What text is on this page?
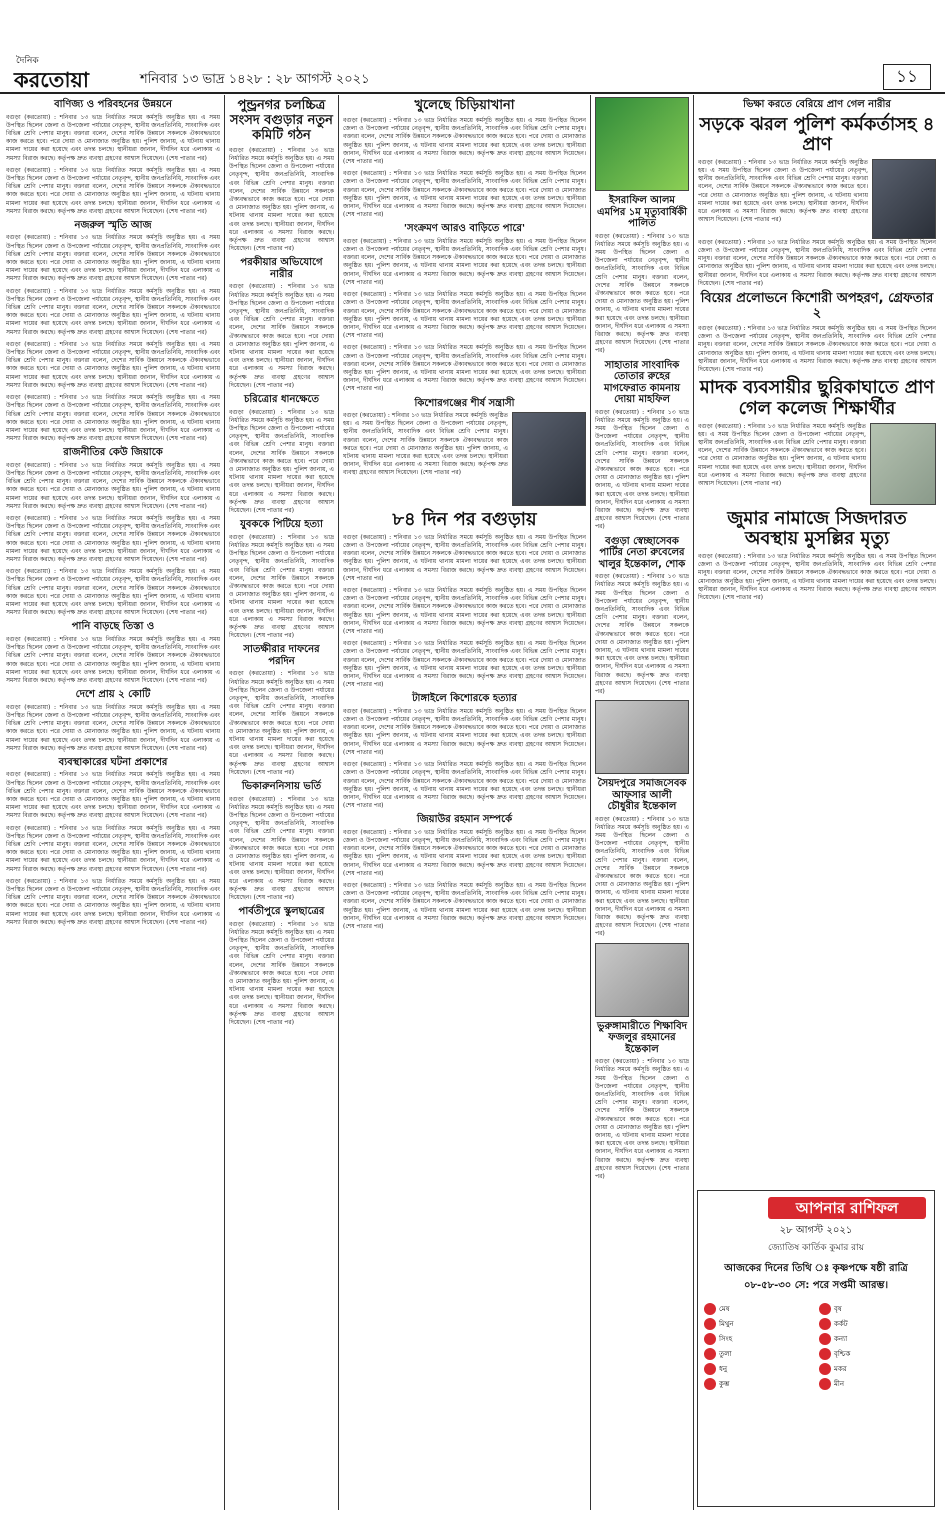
দৈনিক
করতোয়া	শনিবার ১৩ ভাদ্র ১৪২৮ : ২৮ আগস্ট ২০২১	১১
বাণিজ্য ও পরিবহনের উন্নয়নে

বগুড়া (করতোয়া) : শনিবার ১৩ ভাদ্র নির্ধারিত সময়ে কর্মসূচি অনুষ্ঠিত হয়। এ সময় উপস্থিত ছিলেন জেলা ও উপজেলা পর্যায়ের নেতৃবৃন্দ, স্থানীয় জনপ্রতিনিধি, সাংবাদিক এবং বিভিন্ন শ্রেণি পেশার মানুষ। বক্তারা বলেন, দেশের সার্বিক উন্নয়নে সকলকে ঐক্যবদ্ধভাবে কাজ করতে হবে। পরে দোয়া ও মোনাজাত অনুষ্ঠিত হয়। পুলিশ জানায়, এ ঘটনায় থানায় মামলা দায়ের করা হয়েছে এবং তদন্ত চলছে। স্থানীয়রা জানান, দীর্ঘদিন ধরে এলাকায় এ সমস্যা বিরাজ করছে। কর্তৃপক্ষ দ্রুত ব্যবস্থা গ্রহণের আশ্বাস দিয়েছেন। (শেষ পাতার পর)

বগুড়া (করতোয়া) : শনিবার ১৩ ভাদ্র নির্ধারিত সময়ে কর্মসূচি অনুষ্ঠিত হয়। এ সময় উপস্থিত ছিলেন জেলা ও উপজেলা পর্যায়ের নেতৃবৃন্দ, স্থানীয় জনপ্রতিনিধি, সাংবাদিক এবং বিভিন্ন শ্রেণি পেশার মানুষ। বক্তারা বলেন, দেশের সার্বিক উন্নয়নে সকলকে ঐক্যবদ্ধভাবে কাজ করতে হবে। পরে দোয়া ও মোনাজাত অনুষ্ঠিত হয়। পুলিশ জানায়, এ ঘটনায় থানায় মামলা দায়ের করা হয়েছে এবং তদন্ত চলছে। স্থানীয়রা জানান, দীর্ঘদিন ধরে এলাকায় এ সমস্যা বিরাজ করছে। কর্তৃপক্ষ দ্রুত ব্যবস্থা গ্রহণের আশ্বাস দিয়েছেন। (শেষ পাতার পর)

নজরুল স্মৃতি আজ

বগুড়া (করতোয়া) : শনিবার ১৩ ভাদ্র নির্ধারিত সময়ে কর্মসূচি অনুষ্ঠিত হয়। এ সময় উপস্থিত ছিলেন জেলা ও উপজেলা পর্যায়ের নেতৃবৃন্দ, স্থানীয় জনপ্রতিনিধি, সাংবাদিক এবং বিভিন্ন শ্রেণি পেশার মানুষ। বক্তারা বলেন, দেশের সার্বিক উন্নয়নে সকলকে ঐক্যবদ্ধভাবে কাজ করতে হবে। পরে দোয়া ও মোনাজাত অনুষ্ঠিত হয়। পুলিশ জানায়, এ ঘটনায় থানায় মামলা দায়ের করা হয়েছে এবং তদন্ত চলছে। স্থানীয়রা জানান, দীর্ঘদিন ধরে এলাকায় এ সমস্যা বিরাজ করছে। কর্তৃপক্ষ দ্রুত ব্যবস্থা গ্রহণের আশ্বাস দিয়েছেন। (শেষ পাতার পর)

বগুড়া (করতোয়া) : শনিবার ১৩ ভাদ্র নির্ধারিত সময়ে কর্মসূচি অনুষ্ঠিত হয়। এ সময় উপস্থিত ছিলেন জেলা ও উপজেলা পর্যায়ের নেতৃবৃন্দ, স্থানীয় জনপ্রতিনিধি, সাংবাদিক এবং বিভিন্ন শ্রেণি পেশার মানুষ। বক্তারা বলেন, দেশের সার্বিক উন্নয়নে সকলকে ঐক্যবদ্ধভাবে কাজ করতে হবে। পরে দোয়া ও মোনাজাত অনুষ্ঠিত হয়। পুলিশ জানায়, এ ঘটনায় থানায় মামলা দায়ের করা হয়েছে এবং তদন্ত চলছে। স্থানীয়রা জানান, দীর্ঘদিন ধরে এলাকায় এ সমস্যা বিরাজ করছে। কর্তৃপক্ষ দ্রুত ব্যবস্থা গ্রহণের আশ্বাস দিয়েছেন। (শেষ পাতার পর)

বগুড়া (করতোয়া) : শনিবার ১৩ ভাদ্র নির্ধারিত সময়ে কর্মসূচি অনুষ্ঠিত হয়। এ সময় উপস্থিত ছিলেন জেলা ও উপজেলা পর্যায়ের নেতৃবৃন্দ, স্থানীয় জনপ্রতিনিধি, সাংবাদিক এবং বিভিন্ন শ্রেণি পেশার মানুষ। বক্তারা বলেন, দেশের সার্বিক উন্নয়নে সকলকে ঐক্যবদ্ধভাবে কাজ করতে হবে। পরে দোয়া ও মোনাজাত অনুষ্ঠিত হয়। পুলিশ জানায়, এ ঘটনায় থানায় মামলা দায়ের করা হয়েছে এবং তদন্ত চলছে। স্থানীয়রা জানান, দীর্ঘদিন ধরে এলাকায় এ সমস্যা বিরাজ করছে। কর্তৃপক্ষ দ্রুত ব্যবস্থা গ্রহণের আশ্বাস দিয়েছেন। (শেষ পাতার পর)

বগুড়া (করতোয়া) : শনিবার ১৩ ভাদ্র নির্ধারিত সময়ে কর্মসূচি অনুষ্ঠিত হয়। এ সময় উপস্থিত ছিলেন জেলা ও উপজেলা পর্যায়ের নেতৃবৃন্দ, স্থানীয় জনপ্রতিনিধি, সাংবাদিক এবং বিভিন্ন শ্রেণি পেশার মানুষ। বক্তারা বলেন, দেশের সার্বিক উন্নয়নে সকলকে ঐক্যবদ্ধভাবে কাজ করতে হবে। পরে দোয়া ও মোনাজাত অনুষ্ঠিত হয়। পুলিশ জানায়, এ ঘটনায় থানায় মামলা দায়ের করা হয়েছে এবং তদন্ত চলছে। স্থানীয়রা জানান, দীর্ঘদিন ধরে এলাকায় এ সমস্যা বিরাজ করছে। কর্তৃপক্ষ দ্রুত ব্যবস্থা গ্রহণের আশ্বাস দিয়েছেন। (শেষ পাতার পর)

রাজনীতির কেউ জিয়াকে

বগুড়া (করতোয়া) : শনিবার ১৩ ভাদ্র নির্ধারিত সময়ে কর্মসূচি অনুষ্ঠিত হয়। এ সময় উপস্থিত ছিলেন জেলা ও উপজেলা পর্যায়ের নেতৃবৃন্দ, স্থানীয় জনপ্রতিনিধি, সাংবাদিক এবং বিভিন্ন শ্রেণি পেশার মানুষ। বক্তারা বলেন, দেশের সার্বিক উন্নয়নে সকলকে ঐক্যবদ্ধভাবে কাজ করতে হবে। পরে দোয়া ও মোনাজাত অনুষ্ঠিত হয়। পুলিশ জানায়, এ ঘটনায় থানায় মামলা দায়ের করা হয়েছে এবং তদন্ত চলছে। স্থানীয়রা জানান, দীর্ঘদিন ধরে এলাকায় এ সমস্যা বিরাজ করছে। কর্তৃপক্ষ দ্রুত ব্যবস্থা গ্রহণের আশ্বাস দিয়েছেন। (শেষ পাতার পর)

বগুড়া (করতোয়া) : শনিবার ১৩ ভাদ্র নির্ধারিত সময়ে কর্মসূচি অনুষ্ঠিত হয়। এ সময় উপস্থিত ছিলেন জেলা ও উপজেলা পর্যায়ের নেতৃবৃন্দ, স্থানীয় জনপ্রতিনিধি, সাংবাদিক এবং বিভিন্ন শ্রেণি পেশার মানুষ। বক্তারা বলেন, দেশের সার্বিক উন্নয়নে সকলকে ঐক্যবদ্ধভাবে কাজ করতে হবে। পরে দোয়া ও মোনাজাত অনুষ্ঠিত হয়। পুলিশ জানায়, এ ঘটনায় থানায় মামলা দায়ের করা হয়েছে এবং তদন্ত চলছে। স্থানীয়রা জানান, দীর্ঘদিন ধরে এলাকায় এ সমস্যা বিরাজ করছে। কর্তৃপক্ষ দ্রুত ব্যবস্থা গ্রহণের আশ্বাস দিয়েছেন। (শেষ পাতার পর)

বগুড়া (করতোয়া) : শনিবার ১৩ ভাদ্র নির্ধারিত সময়ে কর্মসূচি অনুষ্ঠিত হয়। এ সময় উপস্থিত ছিলেন জেলা ও উপজেলা পর্যায়ের নেতৃবৃন্দ, স্থানীয় জনপ্রতিনিধি, সাংবাদিক এবং বিভিন্ন শ্রেণি পেশার মানুষ। বক্তারা বলেন, দেশের সার্বিক উন্নয়নে সকলকে ঐক্যবদ্ধভাবে কাজ করতে হবে। পরে দোয়া ও মোনাজাত অনুষ্ঠিত হয়। পুলিশ জানায়, এ ঘটনায় থানায় মামলা দায়ের করা হয়েছে এবং তদন্ত চলছে। স্থানীয়রা জানান, দীর্ঘদিন ধরে এলাকায় এ সমস্যা বিরাজ করছে। কর্তৃপক্ষ দ্রুত ব্যবস্থা গ্রহণের আশ্বাস দিয়েছেন। (শেষ পাতার পর)

পানি বাড়ছে তিস্তা ও

বগুড়া (করতোয়া) : শনিবার ১৩ ভাদ্র নির্ধারিত সময়ে কর্মসূচি অনুষ্ঠিত হয়। এ সময় উপস্থিত ছিলেন জেলা ও উপজেলা পর্যায়ের নেতৃবৃন্দ, স্থানীয় জনপ্রতিনিধি, সাংবাদিক এবং বিভিন্ন শ্রেণি পেশার মানুষ। বক্তারা বলেন, দেশের সার্বিক উন্নয়নে সকলকে ঐক্যবদ্ধভাবে কাজ করতে হবে। পরে দোয়া ও মোনাজাত অনুষ্ঠিত হয়। পুলিশ জানায়, এ ঘটনায় থানায় মামলা দায়ের করা হয়েছে এবং তদন্ত চলছে। স্থানীয়রা জানান, দীর্ঘদিন ধরে এলাকায় এ সমস্যা বিরাজ করছে। কর্তৃপক্ষ দ্রুত ব্যবস্থা গ্রহণের আশ্বাস দিয়েছেন। (শেষ পাতার পর)

দেশে প্রায় ২ কোটি

বগুড়া (করতোয়া) : শনিবার ১৩ ভাদ্র নির্ধারিত সময়ে কর্মসূচি অনুষ্ঠিত হয়। এ সময় উপস্থিত ছিলেন জেলা ও উপজেলা পর্যায়ের নেতৃবৃন্দ, স্থানীয় জনপ্রতিনিধি, সাংবাদিক এবং বিভিন্ন শ্রেণি পেশার মানুষ। বক্তারা বলেন, দেশের সার্বিক উন্নয়নে সকলকে ঐক্যবদ্ধভাবে কাজ করতে হবে। পরে দোয়া ও মোনাজাত অনুষ্ঠিত হয়। পুলিশ জানায়, এ ঘটনায় থানায় মামলা দায়ের করা হয়েছে এবং তদন্ত চলছে। স্থানীয়রা জানান, দীর্ঘদিন ধরে এলাকায় এ সমস্যা বিরাজ করছে। কর্তৃপক্ষ দ্রুত ব্যবস্থা গ্রহণের আশ্বাস দিয়েছেন। (শেষ পাতার পর)

ব্যবস্থাকারের ঘটনা প্রকাশের

বগুড়া (করতোয়া) : শনিবার ১৩ ভাদ্র নির্ধারিত সময়ে কর্মসূচি অনুষ্ঠিত হয়। এ সময় উপস্থিত ছিলেন জেলা ও উপজেলা পর্যায়ের নেতৃবৃন্দ, স্থানীয় জনপ্রতিনিধি, সাংবাদিক এবং বিভিন্ন শ্রেণি পেশার মানুষ। বক্তারা বলেন, দেশের সার্বিক উন্নয়নে সকলকে ঐক্যবদ্ধভাবে কাজ করতে হবে। পরে দোয়া ও মোনাজাত অনুষ্ঠিত হয়। পুলিশ জানায়, এ ঘটনায় থানায় মামলা দায়ের করা হয়েছে এবং তদন্ত চলছে। স্থানীয়রা জানান, দীর্ঘদিন ধরে এলাকায় এ সমস্যা বিরাজ করছে। কর্তৃপক্ষ দ্রুত ব্যবস্থা গ্রহণের আশ্বাস দিয়েছেন। (শেষ পাতার পর)

বগুড়া (করতোয়া) : শনিবার ১৩ ভাদ্র নির্ধারিত সময়ে কর্মসূচি অনুষ্ঠিত হয়। এ সময় উপস্থিত ছিলেন জেলা ও উপজেলা পর্যায়ের নেতৃবৃন্দ, স্থানীয় জনপ্রতিনিধি, সাংবাদিক এবং বিভিন্ন শ্রেণি পেশার মানুষ। বক্তারা বলেন, দেশের সার্বিক উন্নয়নে সকলকে ঐক্যবদ্ধভাবে কাজ করতে হবে। পরে দোয়া ও মোনাজাত অনুষ্ঠিত হয়। পুলিশ জানায়, এ ঘটনায় থানায় মামলা দায়ের করা হয়েছে এবং তদন্ত চলছে। স্থানীয়রা জানান, দীর্ঘদিন ধরে এলাকায় এ সমস্যা বিরাজ করছে। কর্তৃপক্ষ দ্রুত ব্যবস্থা গ্রহণের আশ্বাস দিয়েছেন। (শেষ পাতার পর)

বগুড়া (করতোয়া) : শনিবার ১৩ ভাদ্র নির্ধারিত সময়ে কর্মসূচি অনুষ্ঠিত হয়। এ সময় উপস্থিত ছিলেন জেলা ও উপজেলা পর্যায়ের নেতৃবৃন্দ, স্থানীয় জনপ্রতিনিধি, সাংবাদিক এবং বিভিন্ন শ্রেণি পেশার মানুষ। বক্তারা বলেন, দেশের সার্বিক উন্নয়নে সকলকে ঐক্যবদ্ধভাবে কাজ করতে হবে। পরে দোয়া ও মোনাজাত অনুষ্ঠিত হয়। পুলিশ জানায়, এ ঘটনায় থানায় মামলা দায়ের করা হয়েছে এবং তদন্ত চলছে। স্থানীয়রা জানান, দীর্ঘদিন ধরে এলাকায় এ সমস্যা বিরাজ করছে। কর্তৃপক্ষ দ্রুত ব্যবস্থা গ্রহণের আশ্বাস দিয়েছেন। (শেষ পাতার পর)

পুন্ড্রনগর চলচ্চিত্র সংসদ বগুড়ার নতুন কমিটি গঠন

বগুড়া (করতোয়া) : শনিবার ১৩ ভাদ্র নির্ধারিত সময়ে কর্মসূচি অনুষ্ঠিত হয়। এ সময় উপস্থিত ছিলেন জেলা ও উপজেলা পর্যায়ের নেতৃবৃন্দ, স্থানীয় জনপ্রতিনিধি, সাংবাদিক এবং বিভিন্ন শ্রেণি পেশার মানুষ। বক্তারা বলেন, দেশের সার্বিক উন্নয়নে সকলকে ঐক্যবদ্ধভাবে কাজ করতে হবে। পরে দোয়া ও মোনাজাত অনুষ্ঠিত হয়। পুলিশ জানায়, এ ঘটনায় থানায় মামলা দায়ের করা হয়েছে এবং তদন্ত চলছে। স্থানীয়রা জানান, দীর্ঘদিন ধরে এলাকায় এ সমস্যা বিরাজ করছে। কর্তৃপক্ষ দ্রুত ব্যবস্থা গ্রহণের আশ্বাস দিয়েছেন। (শেষ পাতার পর)

পরকীয়ার অভিযোগে নারীর

বগুড়া (করতোয়া) : শনিবার ১৩ ভাদ্র নির্ধারিত সময়ে কর্মসূচি অনুষ্ঠিত হয়। এ সময় উপস্থিত ছিলেন জেলা ও উপজেলা পর্যায়ের নেতৃবৃন্দ, স্থানীয় জনপ্রতিনিধি, সাংবাদিক এবং বিভিন্ন শ্রেণি পেশার মানুষ। বক্তারা বলেন, দেশের সার্বিক উন্নয়নে সকলকে ঐক্যবদ্ধভাবে কাজ করতে হবে। পরে দোয়া ও মোনাজাত অনুষ্ঠিত হয়। পুলিশ জানায়, এ ঘটনায় থানায় মামলা দায়ের করা হয়েছে এবং তদন্ত চলছে। স্থানীয়রা জানান, দীর্ঘদিন ধরে এলাকায় এ সমস্যা বিরাজ করছে। কর্তৃপক্ষ দ্রুত ব্যবস্থা গ্রহণের আশ্বাস দিয়েছেন। (শেষ পাতার পর)

চরিত্রাের ধানক্ষেতে

বগুড়া (করতোয়া) : শনিবার ১৩ ভাদ্র নির্ধারিত সময়ে কর্মসূচি অনুষ্ঠিত হয়। এ সময় উপস্থিত ছিলেন জেলা ও উপজেলা পর্যায়ের নেতৃবৃন্দ, স্থানীয় জনপ্রতিনিধি, সাংবাদিক এবং বিভিন্ন শ্রেণি পেশার মানুষ। বক্তারা বলেন, দেশের সার্বিক উন্নয়নে সকলকে ঐক্যবদ্ধভাবে কাজ করতে হবে। পরে দোয়া ও মোনাজাত অনুষ্ঠিত হয়। পুলিশ জানায়, এ ঘটনায় থানায় মামলা দায়ের করা হয়েছে এবং তদন্ত চলছে। স্থানীয়রা জানান, দীর্ঘদিন ধরে এলাকায় এ সমস্যা বিরাজ করছে। কর্তৃপক্ষ দ্রুত ব্যবস্থা গ্রহণের আশ্বাস দিয়েছেন। (শেষ পাতার পর)

যুবককে পিটিয়ে হত্যা

বগুড়া (করতোয়া) : শনিবার ১৩ ভাদ্র নির্ধারিত সময়ে কর্মসূচি অনুষ্ঠিত হয়। এ সময় উপস্থিত ছিলেন জেলা ও উপজেলা পর্যায়ের নেতৃবৃন্দ, স্থানীয় জনপ্রতিনিধি, সাংবাদিক এবং বিভিন্ন শ্রেণি পেশার মানুষ। বক্তারা বলেন, দেশের সার্বিক উন্নয়নে সকলকে ঐক্যবদ্ধভাবে কাজ করতে হবে। পরে দোয়া ও মোনাজাত অনুষ্ঠিত হয়। পুলিশ জানায়, এ ঘটনায় থানায় মামলা দায়ের করা হয়েছে এবং তদন্ত চলছে। স্থানীয়রা জানান, দীর্ঘদিন ধরে এলাকায় এ সমস্যা বিরাজ করছে। কর্তৃপক্ষ দ্রুত ব্যবস্থা গ্রহণের আশ্বাস দিয়েছেন। (শেষ পাতার পর)

সাতক্ষীরার দাফনের পরদিন

বগুড়া (করতোয়া) : শনিবার ১৩ ভাদ্র নির্ধারিত সময়ে কর্মসূচি অনুষ্ঠিত হয়। এ সময় উপস্থিত ছিলেন জেলা ও উপজেলা পর্যায়ের নেতৃবৃন্দ, স্থানীয় জনপ্রতিনিধি, সাংবাদিক এবং বিভিন্ন শ্রেণি পেশার মানুষ। বক্তারা বলেন, দেশের সার্বিক উন্নয়নে সকলকে ঐক্যবদ্ধভাবে কাজ করতে হবে। পরে দোয়া ও মোনাজাত অনুষ্ঠিত হয়। পুলিশ জানায়, এ ঘটনায় থানায় মামলা দায়ের করা হয়েছে এবং তদন্ত চলছে। স্থানীয়রা জানান, দীর্ঘদিন ধরে এলাকায় এ সমস্যা বিরাজ করছে। কর্তৃপক্ষ দ্রুত ব্যবস্থা গ্রহণের আশ্বাস দিয়েছেন। (শেষ পাতার পর)

ভিকারুননিসায় ভর্তি

বগুড়া (করতোয়া) : শনিবার ১৩ ভাদ্র নির্ধারিত সময়ে কর্মসূচি অনুষ্ঠিত হয়। এ সময় উপস্থিত ছিলেন জেলা ও উপজেলা পর্যায়ের নেতৃবৃন্দ, স্থানীয় জনপ্রতিনিধি, সাংবাদিক এবং বিভিন্ন শ্রেণি পেশার মানুষ। বক্তারা বলেন, দেশের সার্বিক উন্নয়নে সকলকে ঐক্যবদ্ধভাবে কাজ করতে হবে। পরে দোয়া ও মোনাজাত অনুষ্ঠিত হয়। পুলিশ জানায়, এ ঘটনায় থানায় মামলা দায়ের করা হয়েছে এবং তদন্ত চলছে। স্থানীয়রা জানান, দীর্ঘদিন ধরে এলাকায় এ সমস্যা বিরাজ করছে। কর্তৃপক্ষ দ্রুত ব্যবস্থা গ্রহণের আশ্বাস দিয়েছেন। (শেষ পাতার পর)

পার্বতীপুরে স্কুলছাত্রের

বগুড়া (করতোয়া) : শনিবার ১৩ ভাদ্র নির্ধারিত সময়ে কর্মসূচি অনুষ্ঠিত হয়। এ সময় উপস্থিত ছিলেন জেলা ও উপজেলা পর্যায়ের নেতৃবৃন্দ, স্থানীয় জনপ্রতিনিধি, সাংবাদিক এবং বিভিন্ন শ্রেণি পেশার মানুষ। বক্তারা বলেন, দেশের সার্বিক উন্নয়নে সকলকে ঐক্যবদ্ধভাবে কাজ করতে হবে। পরে দোয়া ও মোনাজাত অনুষ্ঠিত হয়। পুলিশ জানায়, এ ঘটনায় থানায় মামলা দায়ের করা হয়েছে এবং তদন্ত চলছে। স্থানীয়রা জানান, দীর্ঘদিন ধরে এলাকায় এ সমস্যা বিরাজ করছে। কর্তৃপক্ষ দ্রুত ব্যবস্থা গ্রহণের আশ্বাস দিয়েছেন। (শেষ পাতার পর)

খুলেছে চিড়িয়াখানা

বগুড়া (করতোয়া) : শনিবার ১৩ ভাদ্র নির্ধারিত সময়ে কর্মসূচি অনুষ্ঠিত হয়। এ সময় উপস্থিত ছিলেন জেলা ও উপজেলা পর্যায়ের নেতৃবৃন্দ, স্থানীয় জনপ্রতিনিধি, সাংবাদিক এবং বিভিন্ন শ্রেণি পেশার মানুষ। বক্তারা বলেন, দেশের সার্বিক উন্নয়নে সকলকে ঐক্যবদ্ধভাবে কাজ করতে হবে। পরে দোয়া ও মোনাজাত অনুষ্ঠিত হয়। পুলিশ জানায়, এ ঘটনায় থানায় মামলা দায়ের করা হয়েছে এবং তদন্ত চলছে। স্থানীয়রা জানান, দীর্ঘদিন ধরে এলাকায় এ সমস্যা বিরাজ করছে। কর্তৃপক্ষ দ্রুত ব্যবস্থা গ্রহণের আশ্বাস দিয়েছেন। (শেষ পাতার পর)

বগুড়া (করতোয়া) : শনিবার ১৩ ভাদ্র নির্ধারিত সময়ে কর্মসূচি অনুষ্ঠিত হয়। এ সময় উপস্থিত ছিলেন জেলা ও উপজেলা পর্যায়ের নেতৃবৃন্দ, স্থানীয় জনপ্রতিনিধি, সাংবাদিক এবং বিভিন্ন শ্রেণি পেশার মানুষ। বক্তারা বলেন, দেশের সার্বিক উন্নয়নে সকলকে ঐক্যবদ্ধভাবে কাজ করতে হবে। পরে দোয়া ও মোনাজাত অনুষ্ঠিত হয়। পুলিশ জানায়, এ ঘটনায় থানায় মামলা দায়ের করা হয়েছে এবং তদন্ত চলছে। স্থানীয়রা জানান, দীর্ঘদিন ধরে এলাকায় এ সমস্যা বিরাজ করছে। কর্তৃপক্ষ দ্রুত ব্যবস্থা গ্রহণের আশ্বাস দিয়েছেন। (শেষ পাতার পর)

'সংক্রমণ আরও বাড়িতে পারে'

বগুড়া (করতোয়া) : শনিবার ১৩ ভাদ্র নির্ধারিত সময়ে কর্মসূচি অনুষ্ঠিত হয়। এ সময় উপস্থিত ছিলেন জেলা ও উপজেলা পর্যায়ের নেতৃবৃন্দ, স্থানীয় জনপ্রতিনিধি, সাংবাদিক এবং বিভিন্ন শ্রেণি পেশার মানুষ। বক্তারা বলেন, দেশের সার্বিক উন্নয়নে সকলকে ঐক্যবদ্ধভাবে কাজ করতে হবে। পরে দোয়া ও মোনাজাত অনুষ্ঠিত হয়। পুলিশ জানায়, এ ঘটনায় থানায় মামলা দায়ের করা হয়েছে এবং তদন্ত চলছে। স্থানীয়রা জানান, দীর্ঘদিন ধরে এলাকায় এ সমস্যা বিরাজ করছে। কর্তৃপক্ষ দ্রুত ব্যবস্থা গ্রহণের আশ্বাস দিয়েছেন। (শেষ পাতার পর)

বগুড়া (করতোয়া) : শনিবার ১৩ ভাদ্র নির্ধারিত সময়ে কর্মসূচি অনুষ্ঠিত হয়। এ সময় উপস্থিত ছিলেন জেলা ও উপজেলা পর্যায়ের নেতৃবৃন্দ, স্থানীয় জনপ্রতিনিধি, সাংবাদিক এবং বিভিন্ন শ্রেণি পেশার মানুষ। বক্তারা বলেন, দেশের সার্বিক উন্নয়নে সকলকে ঐক্যবদ্ধভাবে কাজ করতে হবে। পরে দোয়া ও মোনাজাত অনুষ্ঠিত হয়। পুলিশ জানায়, এ ঘটনায় থানায় মামলা দায়ের করা হয়েছে এবং তদন্ত চলছে। স্থানীয়রা জানান, দীর্ঘদিন ধরে এলাকায় এ সমস্যা বিরাজ করছে। কর্তৃপক্ষ দ্রুত ব্যবস্থা গ্রহণের আশ্বাস দিয়েছেন। (শেষ পাতার পর)

বগুড়া (করতোয়া) : শনিবার ১৩ ভাদ্র নির্ধারিত সময়ে কর্মসূচি অনুষ্ঠিত হয়। এ সময় উপস্থিত ছিলেন জেলা ও উপজেলা পর্যায়ের নেতৃবৃন্দ, স্থানীয় জনপ্রতিনিধি, সাংবাদিক এবং বিভিন্ন শ্রেণি পেশার মানুষ। বক্তারা বলেন, দেশের সার্বিক উন্নয়নে সকলকে ঐক্যবদ্ধভাবে কাজ করতে হবে। পরে দোয়া ও মোনাজাত অনুষ্ঠিত হয়। পুলিশ জানায়, এ ঘটনায় থানায় মামলা দায়ের করা হয়েছে এবং তদন্ত চলছে। স্থানীয়রা জানান, দীর্ঘদিন ধরে এলাকায় এ সমস্যা বিরাজ করছে। কর্তৃপক্ষ দ্রুত ব্যবস্থা গ্রহণের আশ্বাস দিয়েছেন। (শেষ পাতার পর)

কিশোরগঞ্জের শীর্ষ সন্ত্রাসী

বগুড়া (করতোয়া) : শনিবার ১৩ ভাদ্র নির্ধারিত সময়ে কর্মসূচি অনুষ্ঠিত হয়। এ সময় উপস্থিত ছিলেন জেলা ও উপজেলা পর্যায়ের নেতৃবৃন্দ, স্থানীয় জনপ্রতিনিধি, সাংবাদিক এবং বিভিন্ন শ্রেণি পেশার মানুষ। বক্তারা বলেন, দেশের সার্বিক উন্নয়নে সকলকে ঐক্যবদ্ধভাবে কাজ করতে হবে। পরে দোয়া ও মোনাজাত অনুষ্ঠিত হয়। পুলিশ জানায়, এ ঘটনায় থানায় মামলা দায়ের করা হয়েছে এবং তদন্ত চলছে। স্থানীয়রা জানান, দীর্ঘদিন ধরে এলাকায় এ সমস্যা বিরাজ করছে। কর্তৃপক্ষ দ্রুত ব্যবস্থা গ্রহণের আশ্বাস দিয়েছেন। (শেষ পাতার পর)

৮৪ দিন পর বগুড়ায়

বগুড়া (করতোয়া) : শনিবার ১৩ ভাদ্র নির্ধারিত সময়ে কর্মসূচি অনুষ্ঠিত হয়। এ সময় উপস্থিত ছিলেন জেলা ও উপজেলা পর্যায়ের নেতৃবৃন্দ, স্থানীয় জনপ্রতিনিধি, সাংবাদিক এবং বিভিন্ন শ্রেণি পেশার মানুষ। বক্তারা বলেন, দেশের সার্বিক উন্নয়নে সকলকে ঐক্যবদ্ধভাবে কাজ করতে হবে। পরে দোয়া ও মোনাজাত অনুষ্ঠিত হয়। পুলিশ জানায়, এ ঘটনায় থানায় মামলা দায়ের করা হয়েছে এবং তদন্ত চলছে। স্থানীয়রা জানান, দীর্ঘদিন ধরে এলাকায় এ সমস্যা বিরাজ করছে। কর্তৃপক্ষ দ্রুত ব্যবস্থা গ্রহণের আশ্বাস দিয়েছেন। (শেষ পাতার পর)

বগুড়া (করতোয়া) : শনিবার ১৩ ভাদ্র নির্ধারিত সময়ে কর্মসূচি অনুষ্ঠিত হয়। এ সময় উপস্থিত ছিলেন জেলা ও উপজেলা পর্যায়ের নেতৃবৃন্দ, স্থানীয় জনপ্রতিনিধি, সাংবাদিক এবং বিভিন্ন শ্রেণি পেশার মানুষ। বক্তারা বলেন, দেশের সার্বিক উন্নয়নে সকলকে ঐক্যবদ্ধভাবে কাজ করতে হবে। পরে দোয়া ও মোনাজাত অনুষ্ঠিত হয়। পুলিশ জানায়, এ ঘটনায় থানায় মামলা দায়ের করা হয়েছে এবং তদন্ত চলছে। স্থানীয়রা জানান, দীর্ঘদিন ধরে এলাকায় এ সমস্যা বিরাজ করছে। কর্তৃপক্ষ দ্রুত ব্যবস্থা গ্রহণের আশ্বাস দিয়েছেন। (শেষ পাতার পর)

বগুড়া (করতোয়া) : শনিবার ১৩ ভাদ্র নির্ধারিত সময়ে কর্মসূচি অনুষ্ঠিত হয়। এ সময় উপস্থিত ছিলেন জেলা ও উপজেলা পর্যায়ের নেতৃবৃন্দ, স্থানীয় জনপ্রতিনিধি, সাংবাদিক এবং বিভিন্ন শ্রেণি পেশার মানুষ। বক্তারা বলেন, দেশের সার্বিক উন্নয়নে সকলকে ঐক্যবদ্ধভাবে কাজ করতে হবে। পরে দোয়া ও মোনাজাত অনুষ্ঠিত হয়। পুলিশ জানায়, এ ঘটনায় থানায় মামলা দায়ের করা হয়েছে এবং তদন্ত চলছে। স্থানীয়রা জানান, দীর্ঘদিন ধরে এলাকায় এ সমস্যা বিরাজ করছে। কর্তৃপক্ষ দ্রুত ব্যবস্থা গ্রহণের আশ্বাস দিয়েছেন। (শেষ পাতার পর)

টাঙ্গাইলে কিশোরকে হত্যার

বগুড়া (করতোয়া) : শনিবার ১৩ ভাদ্র নির্ধারিত সময়ে কর্মসূচি অনুষ্ঠিত হয়। এ সময় উপস্থিত ছিলেন জেলা ও উপজেলা পর্যায়ের নেতৃবৃন্দ, স্থানীয় জনপ্রতিনিধি, সাংবাদিক এবং বিভিন্ন শ্রেণি পেশার মানুষ। বক্তারা বলেন, দেশের সার্বিক উন্নয়নে সকলকে ঐক্যবদ্ধভাবে কাজ করতে হবে। পরে দোয়া ও মোনাজাত অনুষ্ঠিত হয়। পুলিশ জানায়, এ ঘটনায় থানায় মামলা দায়ের করা হয়েছে এবং তদন্ত চলছে। স্থানীয়রা জানান, দীর্ঘদিন ধরে এলাকায় এ সমস্যা বিরাজ করছে। কর্তৃপক্ষ দ্রুত ব্যবস্থা গ্রহণের আশ্বাস দিয়েছেন। (শেষ পাতার পর)

বগুড়া (করতোয়া) : শনিবার ১৩ ভাদ্র নির্ধারিত সময়ে কর্মসূচি অনুষ্ঠিত হয়। এ সময় উপস্থিত ছিলেন জেলা ও উপজেলা পর্যায়ের নেতৃবৃন্দ, স্থানীয় জনপ্রতিনিধি, সাংবাদিক এবং বিভিন্ন শ্রেণি পেশার মানুষ। বক্তারা বলেন, দেশের সার্বিক উন্নয়নে সকলকে ঐক্যবদ্ধভাবে কাজ করতে হবে। পরে দোয়া ও মোনাজাত অনুষ্ঠিত হয়। পুলিশ জানায়, এ ঘটনায় থানায় মামলা দায়ের করা হয়েছে এবং তদন্ত চলছে। স্থানীয়রা জানান, দীর্ঘদিন ধরে এলাকায় এ সমস্যা বিরাজ করছে। কর্তৃপক্ষ দ্রুত ব্যবস্থা গ্রহণের আশ্বাস দিয়েছেন। (শেষ পাতার পর)

জিয়াউর রহমান সম্পর্কে

বগুড়া (করতোয়া) : শনিবার ১৩ ভাদ্র নির্ধারিত সময়ে কর্মসূচি অনুষ্ঠিত হয়। এ সময় উপস্থিত ছিলেন জেলা ও উপজেলা পর্যায়ের নেতৃবৃন্দ, স্থানীয় জনপ্রতিনিধি, সাংবাদিক এবং বিভিন্ন শ্রেণি পেশার মানুষ। বক্তারা বলেন, দেশের সার্বিক উন্নয়নে সকলকে ঐক্যবদ্ধভাবে কাজ করতে হবে। পরে দোয়া ও মোনাজাত অনুষ্ঠিত হয়। পুলিশ জানায়, এ ঘটনায় থানায় মামলা দায়ের করা হয়েছে এবং তদন্ত চলছে। স্থানীয়রা জানান, দীর্ঘদিন ধরে এলাকায় এ সমস্যা বিরাজ করছে। কর্তৃপক্ষ দ্রুত ব্যবস্থা গ্রহণের আশ্বাস দিয়েছেন। (শেষ পাতার পর)

বগুড়া (করতোয়া) : শনিবার ১৩ ভাদ্র নির্ধারিত সময়ে কর্মসূচি অনুষ্ঠিত হয়। এ সময় উপস্থিত ছিলেন জেলা ও উপজেলা পর্যায়ের নেতৃবৃন্দ, স্থানীয় জনপ্রতিনিধি, সাংবাদিক এবং বিভিন্ন শ্রেণি পেশার মানুষ। বক্তারা বলেন, দেশের সার্বিক উন্নয়নে সকলকে ঐক্যবদ্ধভাবে কাজ করতে হবে। পরে দোয়া ও মোনাজাত অনুষ্ঠিত হয়। পুলিশ জানায়, এ ঘটনায় থানায় মামলা দায়ের করা হয়েছে এবং তদন্ত চলছে। স্থানীয়রা জানান, দীর্ঘদিন ধরে এলাকায় এ সমস্যা বিরাজ করছে। কর্তৃপক্ষ দ্রুত ব্যবস্থা গ্রহণের আশ্বাস দিয়েছেন। (শেষ পাতার পর)

ইসরাফিল আলম এমপির ১ম মৃত্যুবার্ষিকী পালিত

বগুড়া (করতোয়া) : শনিবার ১৩ ভাদ্র নির্ধারিত সময়ে কর্মসূচি অনুষ্ঠিত হয়। এ সময় উপস্থিত ছিলেন জেলা ও উপজেলা পর্যায়ের নেতৃবৃন্দ, স্থানীয় জনপ্রতিনিধি, সাংবাদিক এবং বিভিন্ন শ্রেণি পেশার মানুষ। বক্তারা বলেন, দেশের সার্বিক উন্নয়নে সকলকে ঐক্যবদ্ধভাবে কাজ করতে হবে। পরে দোয়া ও মোনাজাত অনুষ্ঠিত হয়। পুলিশ জানায়, এ ঘটনায় থানায় মামলা দায়ের করা হয়েছে এবং তদন্ত চলছে। স্থানীয়রা জানান, দীর্ঘদিন ধরে এলাকায় এ সমস্যা বিরাজ করছে। কর্তৃপক্ষ দ্রুত ব্যবস্থা গ্রহণের আশ্বাস দিয়েছেন। (শেষ পাতার পর)

সাহাতার সাংবাদিক তোতার রুহের মাগফেরাত কামনায় দোয়া মাহফিল

বগুড়া (করতোয়া) : শনিবার ১৩ ভাদ্র নির্ধারিত সময়ে কর্মসূচি অনুষ্ঠিত হয়। এ সময় উপস্থিত ছিলেন জেলা ও উপজেলা পর্যায়ের নেতৃবৃন্দ, স্থানীয় জনপ্রতিনিধি, সাংবাদিক এবং বিভিন্ন শ্রেণি পেশার মানুষ। বক্তারা বলেন, দেশের সার্বিক উন্নয়নে সকলকে ঐক্যবদ্ধভাবে কাজ করতে হবে। পরে দোয়া ও মোনাজাত অনুষ্ঠিত হয়। পুলিশ জানায়, এ ঘটনায় থানায় মামলা দায়ের করা হয়েছে এবং তদন্ত চলছে। স্থানীয়রা জানান, দীর্ঘদিন ধরে এলাকায় এ সমস্যা বিরাজ করছে। কর্তৃপক্ষ দ্রুত ব্যবস্থা গ্রহণের আশ্বাস দিয়েছেন। (শেষ পাতার পর)

বগুড়া স্বেচ্ছাসেবক পার্টির নেতা রুবেলের খালুর ইন্তেকাল, শোক

বগুড়া (করতোয়া) : শনিবার ১৩ ভাদ্র নির্ধারিত সময়ে কর্মসূচি অনুষ্ঠিত হয়। এ সময় উপস্থিত ছিলেন জেলা ও উপজেলা পর্যায়ের নেতৃবৃন্দ, স্থানীয় জনপ্রতিনিধি, সাংবাদিক এবং বিভিন্ন শ্রেণি পেশার মানুষ। বক্তারা বলেন, দেশের সার্বিক উন্নয়নে সকলকে ঐক্যবদ্ধভাবে কাজ করতে হবে। পরে দোয়া ও মোনাজাত অনুষ্ঠিত হয়। পুলিশ জানায়, এ ঘটনায় থানায় মামলা দায়ের করা হয়েছে এবং তদন্ত চলছে। স্থানীয়রা জানান, দীর্ঘদিন ধরে এলাকায় এ সমস্যা বিরাজ করছে। কর্তৃপক্ষ দ্রুত ব্যবস্থা গ্রহণের আশ্বাস দিয়েছেন। (শেষ পাতার পর)

সৈয়দপুরে সমাজসেবক আফসার আলী চৌধুরীর ইন্তেকাল

বগুড়া (করতোয়া) : শনিবার ১৩ ভাদ্র নির্ধারিত সময়ে কর্মসূচি অনুষ্ঠিত হয়। এ সময় উপস্থিত ছিলেন জেলা ও উপজেলা পর্যায়ের নেতৃবৃন্দ, স্থানীয় জনপ্রতিনিধি, সাংবাদিক এবং বিভিন্ন শ্রেণি পেশার মানুষ। বক্তারা বলেন, দেশের সার্বিক উন্নয়নে সকলকে ঐক্যবদ্ধভাবে কাজ করতে হবে। পরে দোয়া ও মোনাজাত অনুষ্ঠিত হয়। পুলিশ জানায়, এ ঘটনায় থানায় মামলা দায়ের করা হয়েছে এবং তদন্ত চলছে। স্থানীয়রা জানান, দীর্ঘদিন ধরে এলাকায় এ সমস্যা বিরাজ করছে। কর্তৃপক্ষ দ্রুত ব্যবস্থা গ্রহণের আশ্বাস দিয়েছেন। (শেষ পাতার পর)

ভুরুঙ্গামারীতে শিক্ষাবিদ ফজলুর রহমানের ইন্তেকাল

বগুড়া (করতোয়া) : শনিবার ১৩ ভাদ্র নির্ধারিত সময়ে কর্মসূচি অনুষ্ঠিত হয়। এ সময় উপস্থিত ছিলেন জেলা ও উপজেলা পর্যায়ের নেতৃবৃন্দ, স্থানীয় জনপ্রতিনিধি, সাংবাদিক এবং বিভিন্ন শ্রেণি পেশার মানুষ। বক্তারা বলেন, দেশের সার্বিক উন্নয়নে সকলকে ঐক্যবদ্ধভাবে কাজ করতে হবে। পরে দোয়া ও মোনাজাত অনুষ্ঠিত হয়। পুলিশ জানায়, এ ঘটনায় থানায় মামলা দায়ের করা হয়েছে এবং তদন্ত চলছে। স্থানীয়রা জানান, দীর্ঘদিন ধরে এলাকায় এ সমস্যা বিরাজ করছে। কর্তৃপক্ষ দ্রুত ব্যবস্থা গ্রহণের আশ্বাস দিয়েছেন। (শেষ পাতার পর)

ভিক্ষা করতে বেরিয়ে প্রাণ গেল নারীর
সড়কে ঝরল পুলিশ কর্মকর্তাসহ ৪ প্রাণ

বগুড়া (করতোয়া) : শনিবার ১৩ ভাদ্র নির্ধারিত সময়ে কর্মসূচি অনুষ্ঠিত হয়। এ সময় উপস্থিত ছিলেন জেলা ও উপজেলা পর্যায়ের নেতৃবৃন্দ, স্থানীয় জনপ্রতিনিধি, সাংবাদিক এবং বিভিন্ন শ্রেণি পেশার মানুষ। বক্তারা বলেন, দেশের সার্বিক উন্নয়নে সকলকে ঐক্যবদ্ধভাবে কাজ করতে হবে। পরে দোয়া ও মোনাজাত অনুষ্ঠিত হয়। পুলিশ জানায়, এ ঘটনায় থানায় মামলা দায়ের করা হয়েছে এবং তদন্ত চলছে। স্থানীয়রা জানান, দীর্ঘদিন ধরে এলাকায় এ সমস্যা বিরাজ করছে। কর্তৃপক্ষ দ্রুত ব্যবস্থা গ্রহণের আশ্বাস দিয়েছেন। (শেষ পাতার পর)

বগুড়া (করতোয়া) : শনিবার ১৩ ভাদ্র নির্ধারিত সময়ে কর্মসূচি অনুষ্ঠিত হয়। এ সময় উপস্থিত ছিলেন জেলা ও উপজেলা পর্যায়ের নেতৃবৃন্দ, স্থানীয় জনপ্রতিনিধি, সাংবাদিক এবং বিভিন্ন শ্রেণি পেশার মানুষ। বক্তারা বলেন, দেশের সার্বিক উন্নয়নে সকলকে ঐক্যবদ্ধভাবে কাজ করতে হবে। পরে দোয়া ও মোনাজাত অনুষ্ঠিত হয়। পুলিশ জানায়, এ ঘটনায় থানায় মামলা দায়ের করা হয়েছে এবং তদন্ত চলছে। স্থানীয়রা জানান, দীর্ঘদিন ধরে এলাকায় এ সমস্যা বিরাজ করছে। কর্তৃপক্ষ দ্রুত ব্যবস্থা গ্রহণের আশ্বাস দিয়েছেন। (শেষ পাতার পর)

বিয়ের প্রলোভনে কিশোরী অপহরণ, গ্রেফতার ২

বগুড়া (করতোয়া) : শনিবার ১৩ ভাদ্র নির্ধারিত সময়ে কর্মসূচি অনুষ্ঠিত হয়। এ সময় উপস্থিত ছিলেন জেলা ও উপজেলা পর্যায়ের নেতৃবৃন্দ, স্থানীয় জনপ্রতিনিধি, সাংবাদিক এবং বিভিন্ন শ্রেণি পেশার মানুষ। বক্তারা বলেন, দেশের সার্বিক উন্নয়নে সকলকে ঐক্যবদ্ধভাবে কাজ করতে হবে। পরে দোয়া ও মোনাজাত অনুষ্ঠিত হয়। পুলিশ জানায়, এ ঘটনায় থানায় মামলা দায়ের করা হয়েছে এবং তদন্ত চলছে। স্থানীয়রা জানান, দীর্ঘদিন ধরে এলাকায় এ সমস্যা বিরাজ করছে। কর্তৃপক্ষ দ্রুত ব্যবস্থা গ্রহণের আশ্বাস দিয়েছেন। (শেষ পাতার পর)

মাদক ব্যবসায়ীর ছুরিকাঘাতে প্রাণ গেল কলেজ শিক্ষার্থীর

বগুড়া (করতোয়া) : শনিবার ১৩ ভাদ্র নির্ধারিত সময়ে কর্মসূচি অনুষ্ঠিত হয়। এ সময় উপস্থিত ছিলেন জেলা ও উপজেলা পর্যায়ের নেতৃবৃন্দ, স্থানীয় জনপ্রতিনিধি, সাংবাদিক এবং বিভিন্ন শ্রেণি পেশার মানুষ। বক্তারা বলেন, দেশের সার্বিক উন্নয়নে সকলকে ঐক্যবদ্ধভাবে কাজ করতে হবে। পরে দোয়া ও মোনাজাত অনুষ্ঠিত হয়। পুলিশ জানায়, এ ঘটনায় থানায় মামলা দায়ের করা হয়েছে এবং তদন্ত চলছে। স্থানীয়রা জানান, দীর্ঘদিন ধরে এলাকায় এ সমস্যা বিরাজ করছে। কর্তৃপক্ষ দ্রুত ব্যবস্থা গ্রহণের আশ্বাস দিয়েছেন। (শেষ পাতার পর)

জুমার নামাজে সিজদারত অবস্থায় মুসল্লির মৃত্যু

বগুড়া (করতোয়া) : শনিবার ১৩ ভাদ্র নির্ধারিত সময়ে কর্মসূচি অনুষ্ঠিত হয়। এ সময় উপস্থিত ছিলেন জেলা ও উপজেলা পর্যায়ের নেতৃবৃন্দ, স্থানীয় জনপ্রতিনিধি, সাংবাদিক এবং বিভিন্ন শ্রেণি পেশার মানুষ। বক্তারা বলেন, দেশের সার্বিক উন্নয়নে সকলকে ঐক্যবদ্ধভাবে কাজ করতে হবে। পরে দোয়া ও মোনাজাত অনুষ্ঠিত হয়। পুলিশ জানায়, এ ঘটনায় থানায় মামলা দায়ের করা হয়েছে এবং তদন্ত চলছে। স্থানীয়রা জানান, দীর্ঘদিন ধরে এলাকায় এ সমস্যা বিরাজ করছে। কর্তৃপক্ষ দ্রুত ব্যবস্থা গ্রহণের আশ্বাস দিয়েছেন। (শেষ পাতার পর)

আপনার রাশিফল
২৮ আগস্ট ২০২১
জ্যোতিষ কার্তিক কুমার রায়
আজকের দিনের তিথি ঃ কৃষ্ণপক্ষে ষষ্ঠী রাত্রি ০৮-৫৮-৩০ সে: পরে সপ্তমী আরম্ভ।
মেষ	বৃষ
মিথুন	কর্কট
সিংহ	কন্যা
তুলা	বৃশ্চিক
ধনু	মকর
কুম্ভ	মীন
